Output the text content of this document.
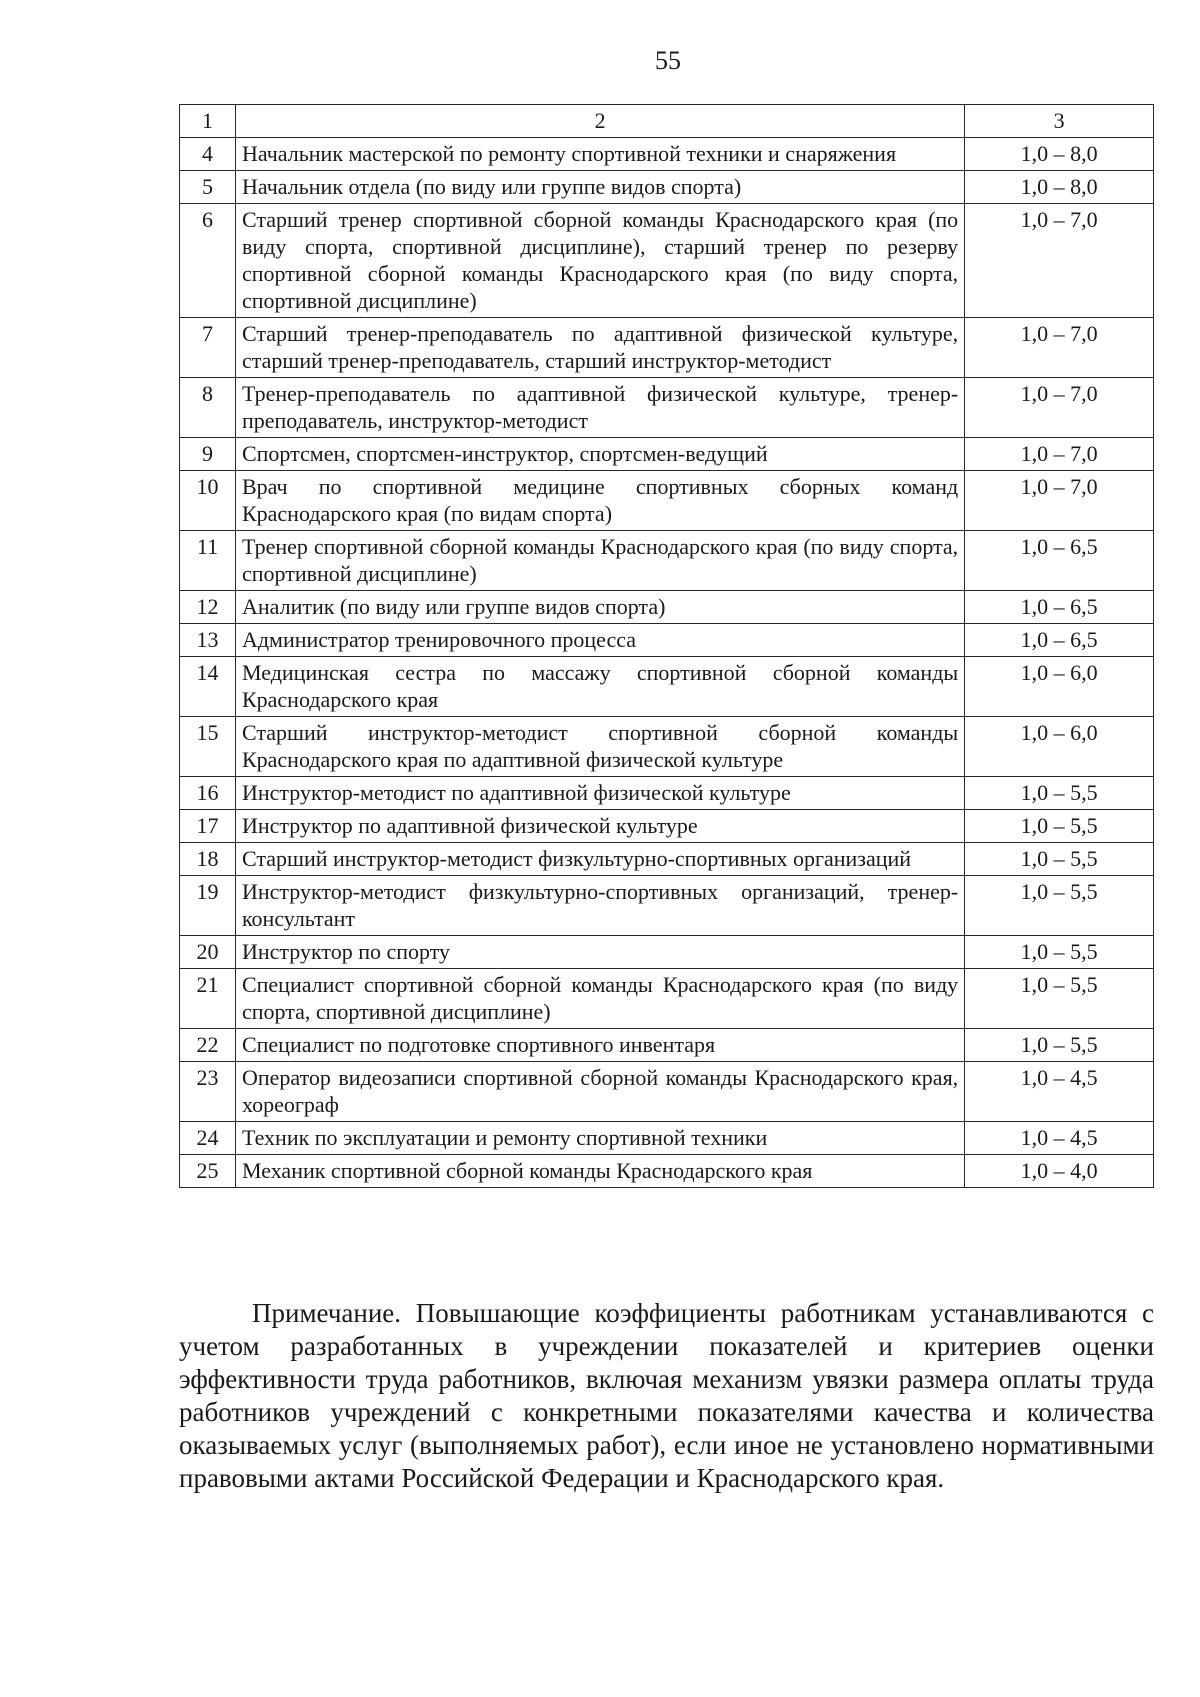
55
1	2	3
4	Начальник мастерской по ремонту спортивной техники и снаряжения	1,0 – 8,0
5	Начальник отдела (по виду или группе видов спорта)	1,0 – 8,0
6	Старший тренер спортивной сборной команды Краснодарского края (по виду спорта, спортивной дисциплине), старший тренер по резерву спортивной сборной команды Краснодарского края (по виду спорта, спортивной дисциплине)	1,0 – 7,0
7	Старший тренер-преподаватель по адаптивной физической культуре, старший тренер-преподаватель, старший инструктор-методист	1,0 – 7,0
8	Тренер-преподаватель по адаптивной физической культуре, тренер-преподаватель, инструктор-методист	1,0 – 7,0
9	Спортсмен, спортсмен-инструктор, спортсмен-ведущий	1,0 – 7,0
10	Врач по спортивной медицине спортивных сборных команд Краснодарского края (по видам спорта)	1,0 – 7,0
11	Тренер спортивной сборной команды Краснодарского края (по виду спорта, спортивной дисциплине)	1,0 – 6,5
12	Аналитик (по виду или группе видов спорта)	1,0 – 6,5
13	Администратор тренировочного процесса	1,0 – 6,5
14	Медицинская сестра по массажу спортивной сборной команды Краснодарского края	1,0 – 6,0
15	Старший инструктор-методист спортивной сборной команды Краснодарского края по адаптивной физической культуре	1,0 – 6,0
16	Инструктор-методист по адаптивной физической культуре	1,0 – 5,5
17	Инструктор по адаптивной физической культуре	1,0 – 5,5
18	Старший инструктор-методист физкультурно-спортивных организаций	1,0 – 5,5
19	Инструктор-методист физкультурно-спортивных организаций, тренер-консультант	1,0 – 5,5
20	Инструктор по спорту	1,0 – 5,5
21	Специалист спортивной сборной команды Краснодарского края (по виду спорта, спортивной дисциплине)	1,0 – 5,5
22	Специалист по подготовке спортивного инвентаря	1,0 – 5,5
23	Оператор видеозаписи спортивной сборной команды Краснодарского края, хореограф	1,0 – 4,5
24	Техник по эксплуатации и ремонту спортивной техники	1,0 – 4,5
25	Механик спортивной сборной команды Краснодарского края	1,0 – 4,0

Примечание. Повышающие коэффициенты работникам устанавливаются с учетом разработанных в учреждении показателей и критериев оценки эффективности труда работников, включая механизм увязки размера оплаты труда работников учреждений с конкретными показателями качества и количества оказываемых услуг (выполняемых работ), если иное не установлено нормативными правовыми актами Российской Федерации и Краснодарского края.
